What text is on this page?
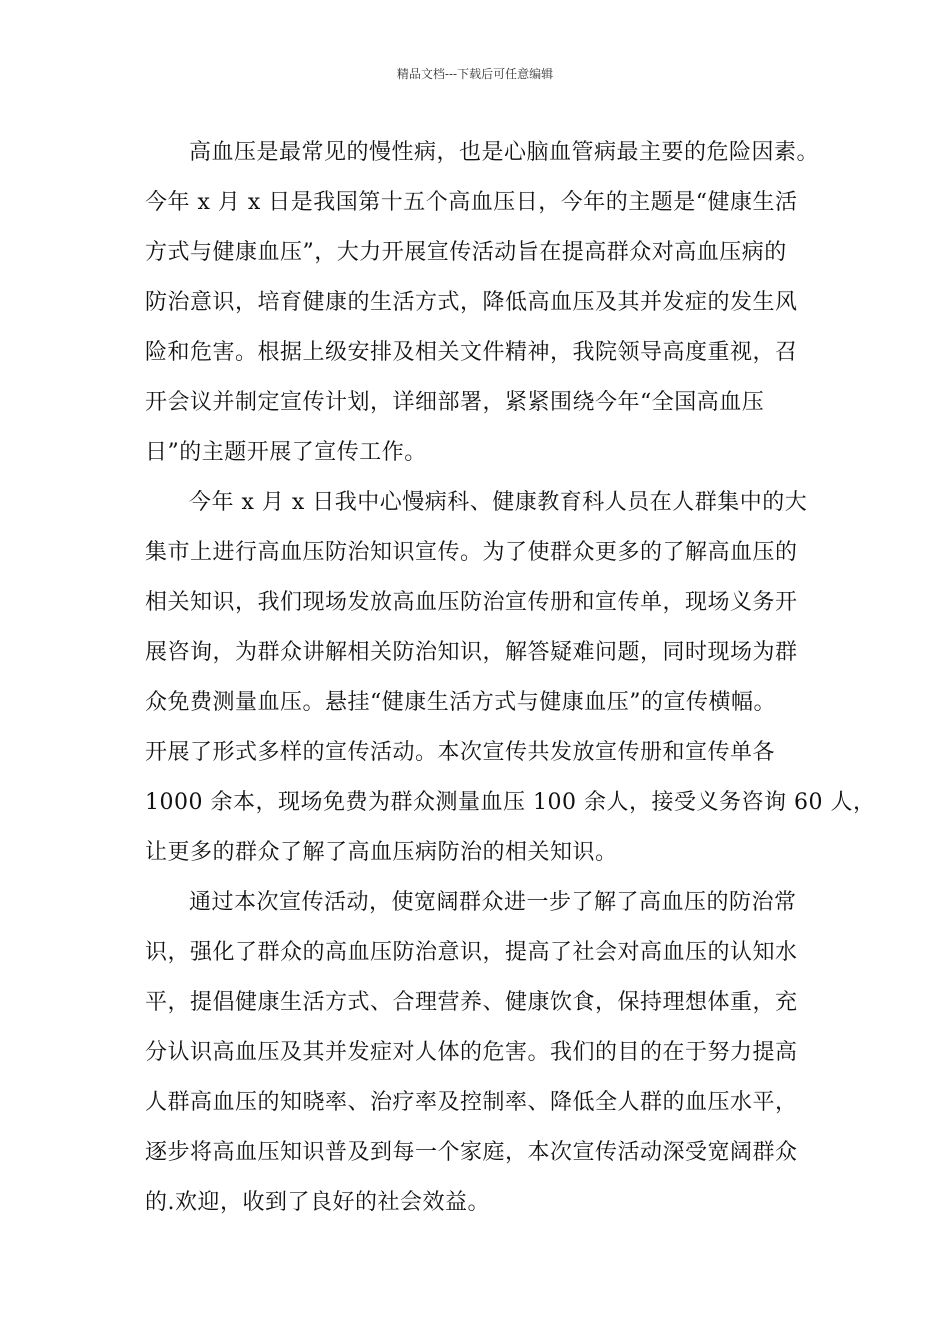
精品文档---下载后可任意编辑
高血压是最常见的慢性病，也是心脑血管病最主要的危险因素。
今年 x 月 x 日是我国第十五个高血压日，今年的主题是“健康生活
方式与健康血压”，大力开展宣传活动旨在提高群众对高血压病的
防治意识，培育健康的生活方式，降低高血压及其并发症的发生风
险和危害。根据上级安排及相关文件精神，我院领导高度重视，召
开会议并制定宣传计划，详细部署，紧紧围绕今年“全国高血压
日”的主题开展了宣传工作。
今年 x 月 x 日我中心慢病科、健康教育科人员在人群集中的大
集市上进行高血压防治知识宣传。为了使群众更多的了解高血压的
相关知识，我们现场发放高血压防治宣传册和宣传单，现场义务开
展咨询，为群众讲解相关防治知识，解答疑难问题，同时现场为群
众免费测量血压。悬挂“健康生活方式与健康血压”的宣传横幅。
开展了形式多样的宣传活动。本次宣传共发放宣传册和宣传单各
1000 余本，现场免费为群众测量血压 100 余人，接受义务咨询 60 人，
让更多的群众了解了高血压病防治的相关知识。
通过本次宣传活动，使宽阔群众进一步了解了高血压的防治常
识，强化了群众的高血压防治意识，提高了社会对高血压的认知水
平，提倡健康生活方式、合理营养、健康饮食，保持理想体重，充
分认识高血压及其并发症对人体的危害。我们的目的在于努力提高
人群高血压的知晓率、治疗率及控制率、降低全人群的血压水平，
逐步将高血压知识普及到每一个家庭，本次宣传活动深受宽阔群众
的.欢迎，收到了良好的社会效益。
